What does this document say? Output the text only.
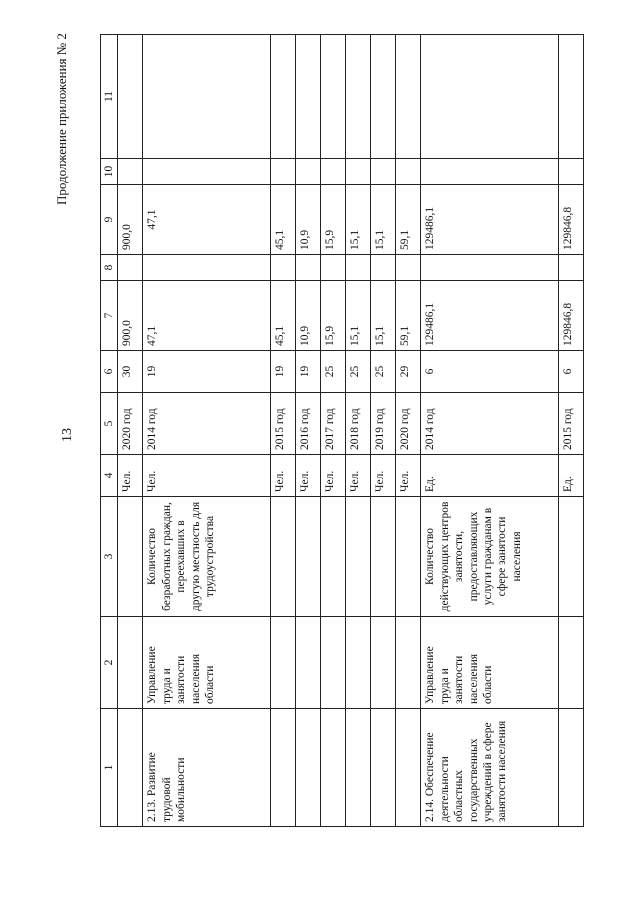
13
Продолжение приложения № 2
1	2	3	4	5	6	7	8	9	10	11
			Чел.	2020 год	30	900,0		900,0		
2.13. Развитие трудовой мобильности	Управление труда и занятости населения области	Количество безработных граждан, переехавших в другую местность для трудоустройства	Чел.	2014 год	19	47,1		47,1		
			Чел.	2015 год	19	45,1		45,1		
			Чел.	2016 год	19	10,9		10,9		
			Чел.	2017 год	25	15,9		15,9		
			Чел.	2018 год	25	15,1		15,1		
			Чел.	2019 год	25	15,1		15,1		
			Чел.	2020 год	29	59,1		59,1		
2.14. Обеспечение деятельности областных государственных учреждений в сфере занятости населения	Управление труда и занятости населения области	Количество действующих центров занятости, предоставляющих услуги гражданам в сфере занятости населения	Ед.	2014 год	6	129486,1		129486,1		
			Ед.	2015 год	6	129846,8		129846,8		
